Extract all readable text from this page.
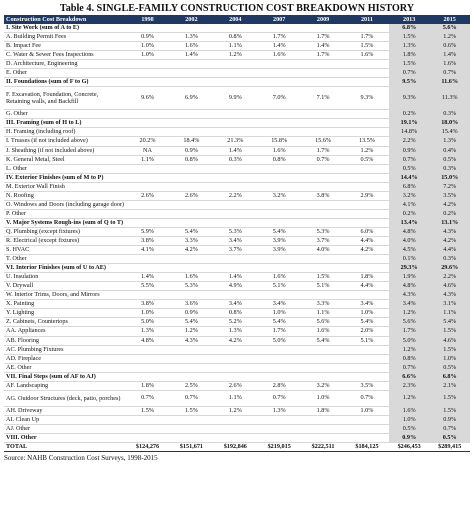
Table 4. SINGLE-FAMILY CONSTRUCTION COST BREAKDOWN HISTORY
Construction Cost Breakdown	1998	2002	2004	2007	2009	2011	2013	2015
I. Site Work (sum of A to E)							6.8%	5.6%
A. Building Permit Fees	0.9%	1.3%	0.8%	1.7%	1.7%	1.7%	1.5%	1.2%
B. Impact Fee	1.0%	1.6%	1.1%	1.4%	1.4%	1.5%	1.3%	0.6%
C. Water & Sewer Fees Inspections	1.0%	1.4%	1.2%	1.6%	1.7%	1.6%	1.8%	1.4%
D. Architecture, Engineering							1.5%	1.6%
E. Other							0.7%	0.7%
II. Foundations (sum of F to G)							9.5%	11.6%
F. Excavation, Foundation, Concrete, Retaining walls, and Backfill	9.6%	6.9%	9.9%	7.0%	7.1%	9.3%	9.3%	11.3%
G. Other							0.2%	0.3%
III. Framing (sum of H to L)							19.1%	18.0%
H. Framing (including roof)							14.8%	15.4%
I. Trusses (if not included above)	20.2%	18.4%	21.3%	15.8%	15.6%	13.5%	2.2%	1.3%
J. Sheathing (if not included above)	NA	0.9%	1.4%	1.6%	1.7%	1.2%	0.9%	0.4%
K. General Metal, Steel	1.1%	0.8%	0.3%	0.8%	0.7%	0.5%	0.7%	0.5%
L. Other							0.5%	0.3%
IV. Exterior Finishes (sum of M to P)							14.4%	15.0%
M. Exterior Wall Finish							6.8%	7.2%
N. Roofing	2.6%	2.6%	2.2%	3.2%	3.8%	2.9%	3.2%	3.5%
O. Windows and Doors (including garage door)							4.1%	4.2%
P. Other							0.2%	0.2%
V. Major Systems Rough-ins (sum of Q to T)							13.4%	13.1%
Q. Plumbing (except fixtures)	5.9%	5.4%	5.3%	5.4%	5.3%	6.0%	4.8%	4.3%
R. Electrical (except fixtures)	3.8%	3.3%	3.4%	3.9%	3.7%	4.4%	4.0%	4.2%
S. HVAC	4.1%	4.2%	3.7%	3.9%	4.0%	4.2%	4.5%	4.4%
T. Other							0.1%	0.3%
VI. Interior Finishes (sum of U to AE)							29.3%	29.6%
U. Insulation	1.4%	1.6%	1.4%	1.6%	1.5%	1.8%	1.9%	2.2%
V. Drywall	5.5%	5.3%	4.9%	5.1%	5.1%	4.4%	4.8%	4.6%
W. Interior Trims, Doors, and Mirrors							4.3%	4.3%
X. Painting	3.8%	3.6%	3.4%	3.4%	3.3%	3.4%	3.4%	3.1%
Y. Lighting	1.0%	0.9%	0.8%	1.0%	1.1%	1.0%	1.2%	1.1%
Z. Cabinets, Countertops	5.0%	5.4%	5.2%	5.4%	5.6%	5.4%	5.6%	5.4%
AA. Appliances	1.3%	1.2%	1.3%	1.7%	1.6%	2.0%	1.7%	1.5%
AB. Flooring	4.8%	4.3%	4.2%	5.0%	5.4%	5.1%	5.0%	4.6%
AC. Plumbing Fixtures							1.2%	1.5%
AD. Fireplace							0.8%	1.0%
AE. Other							0.7%	0.5%
VII. Final Steps (sum of AF to AJ)							6.6%	6.8%
AF. Landscaping	1.8%	2.5%	2.6%	2.8%	3.2%	3.5%	2.3%	2.1%
AG. Outdoor Structures (deck, patio, porches)	0.7%	0.7%	1.1%	0.7%	1.0%	0.7%	1.2%	1.5%
AH. Driveway	1.5%	1.5%	1.2%	1.3%	1.8%	1.0%	1.6%	1.5%
AI. Clean Up							1.0%	0.9%
AJ. Other							0.5%	0.7%
VIII. Other							0.9%	0.5%
TOTAL	$124,276	$151,671	$192,846	$219,015	$222,511	$184,125	$246,453	$289,415
Source: NAHB Construction Cost Surveys, 1998-2015
